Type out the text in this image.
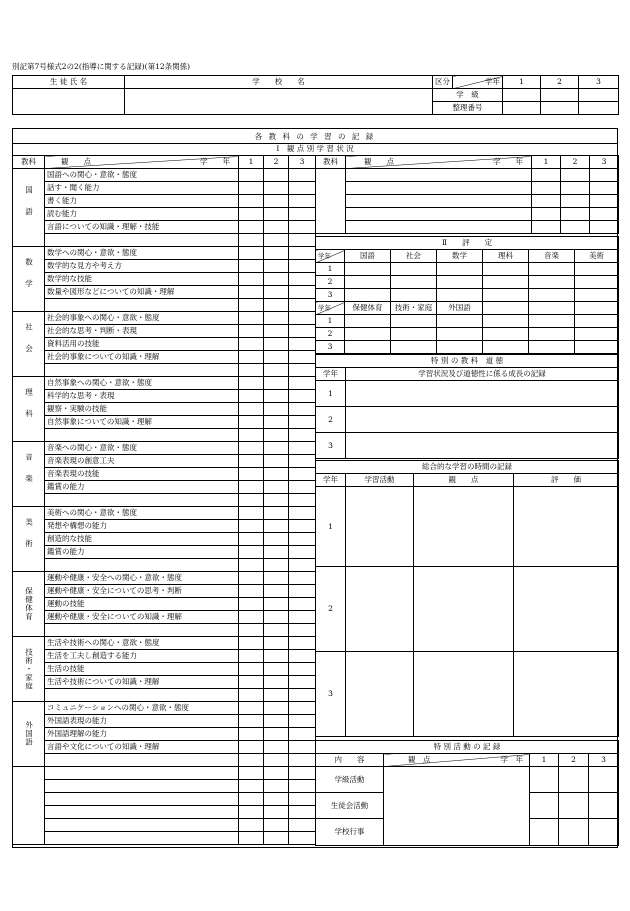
別記第7号様式2の2(指導に関する記録)(第12条関係)
生 徒 氏 名	学　　校　　名	区分	学年	1	2	3
		学　級				
		整理番号				
各 教 科 の 学 習 の 記 録
Ⅰ　観 点 別 学 習 状 況
教科	観　　点 学　　年	1	2	3
国語	国語への関心・意欲・態度			
	話す・聞く能力			
	書く能力			
	読む能力			
	言語についての知識・理解・技能			

数学	数学への関心・意欲・態度			
	数学的な見方や考え方			
	数学的な技能			
	数量や図形などについての知識・理解			

社会	社会的事象への関心・意欲・態度			
	社会的な思考・判断・表現			
	資料活用の技能			
	社会的事象についての知識・理解			

理科	自然事象への関心・意欲・態度			
	科学的な思考・表現			
	観察・実験の技能			
	自然事象についての知識・理解			

音楽	音楽への関心・意欲・態度			
	音楽表現の創意工夫			
	音楽表現の技能			
	鑑賞の能力			

美術	美術への関心・意欲・態度			
	発想や構想の能力			
	創造的な技能			
	鑑賞の能力			

保健体育	運動や健康・安全への関心・意欲・態度			
	運動や健康・安全についての思考・判断			
	運動の技能			
	運動や健康・安全についての知識・理解			

技術・家庭	生活や技術への関心・意欲・態度			
	生活を工夫し創造する能力			
	生活の技能			
	生活や技術についての知識・理解			

外国語	コミュニケーションへの関心・意欲・態度			
	外国語表現の能力			
	外国語理解の能力			
	言語や文化についての知識・理解			

教科	観　　点 学　　年	1	2	3

Ⅱ　　評　　定						
学年	国語	社会	数学	理科	音楽	美術
1						
2						
3						
学年	保健体育	技術・家庭	外国語			
1						
2						
3						
特 別 の 教 科　道 徳	
学年	学習状況及び道徳性に係る成長の記録
1	
2	
3	
総合的な学習の時間の記録			
学年	学習活動	観　　点	評　　価
1			
2			
3			
特 別 活 動 の 記 録				
内　　容	観　点 学　年	1	2	3
学級活動				
生徒会活動				
学校行事				
